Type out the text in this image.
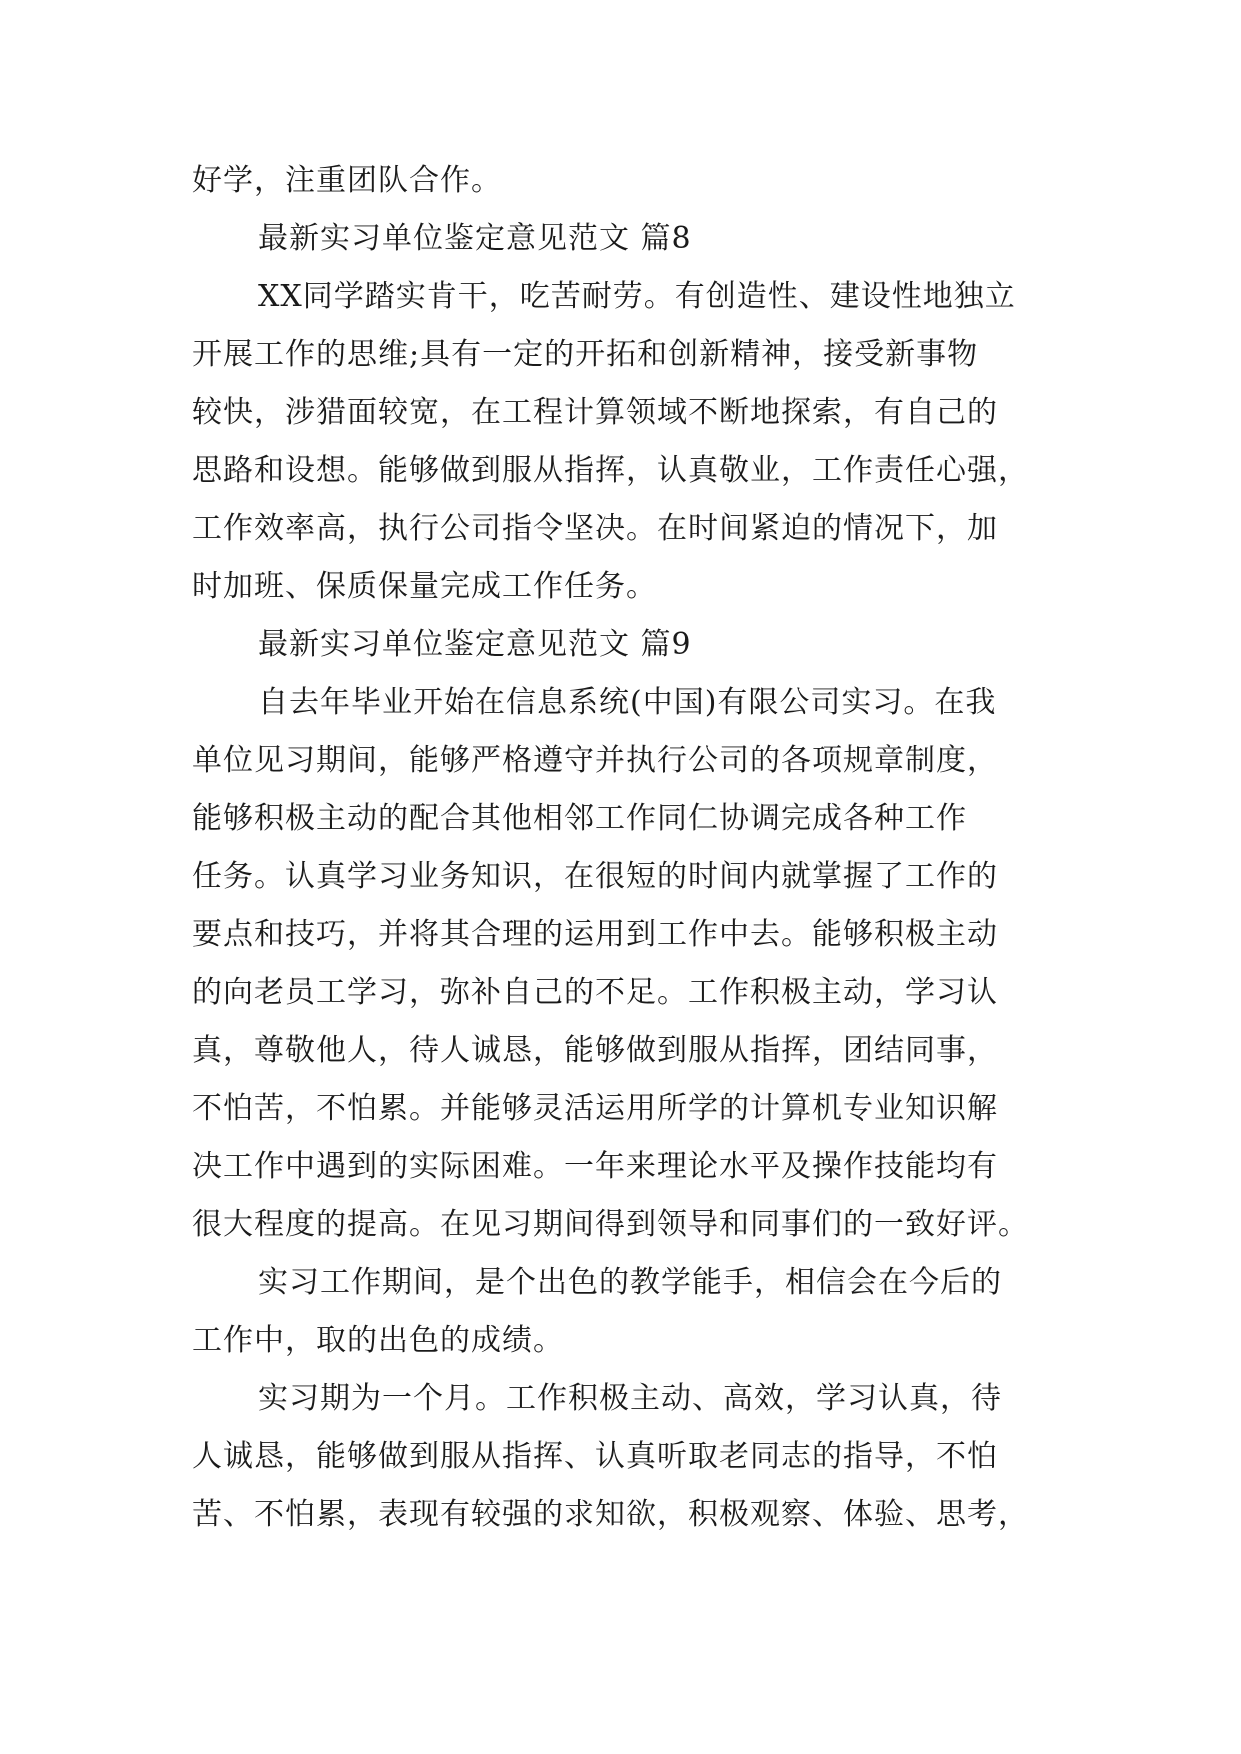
好学，注重团队合作。
最新实习单位鉴定意见范文 篇8
XX同学踏实肯干，吃苦耐劳。有创造性、建设性地独立
开展工作的思维;具有一定的开拓和创新精神，接受新事物
较快，涉猎面较宽，在工程计算领域不断地探索，有自己的
思路和设想。能够做到服从指挥，认真敬业，工作责任心强，
工作效率高，执行公司指令坚决。在时间紧迫的情况下，加
时加班、保质保量完成工作任务。
最新实习单位鉴定意见范文 篇9
自去年毕业开始在信息系统(中国)有限公司实习。在我
单位见习期间，能够严格遵守并执行公司的各项规章制度，
能够积极主动的配合其他相邻工作同仁协调完成各种工作
任务。认真学习业务知识，在很短的时间内就掌握了工作的
要点和技巧，并将其合理的运用到工作中去。能够积极主动
的向老员工学习，弥补自己的不足。工作积极主动，学习认
真，尊敬他人，待人诚恳，能够做到服从指挥，团结同事，
不怕苦，不怕累。并能够灵活运用所学的计算机专业知识解
决工作中遇到的实际困难。一年来理论水平及操作技能均有
很大程度的提高。在见习期间得到领导和同事们的一致好评。
实习工作期间，是个出色的教学能手，相信会在今后的
工作中，取的出色的成绩。
实习期为一个月。工作积极主动、高效，学习认真，待
人诚恳，能够做到服从指挥、认真听取老同志的指导，不怕
苦、不怕累，表现有较强的求知欲，积极观察、体验、思考，
